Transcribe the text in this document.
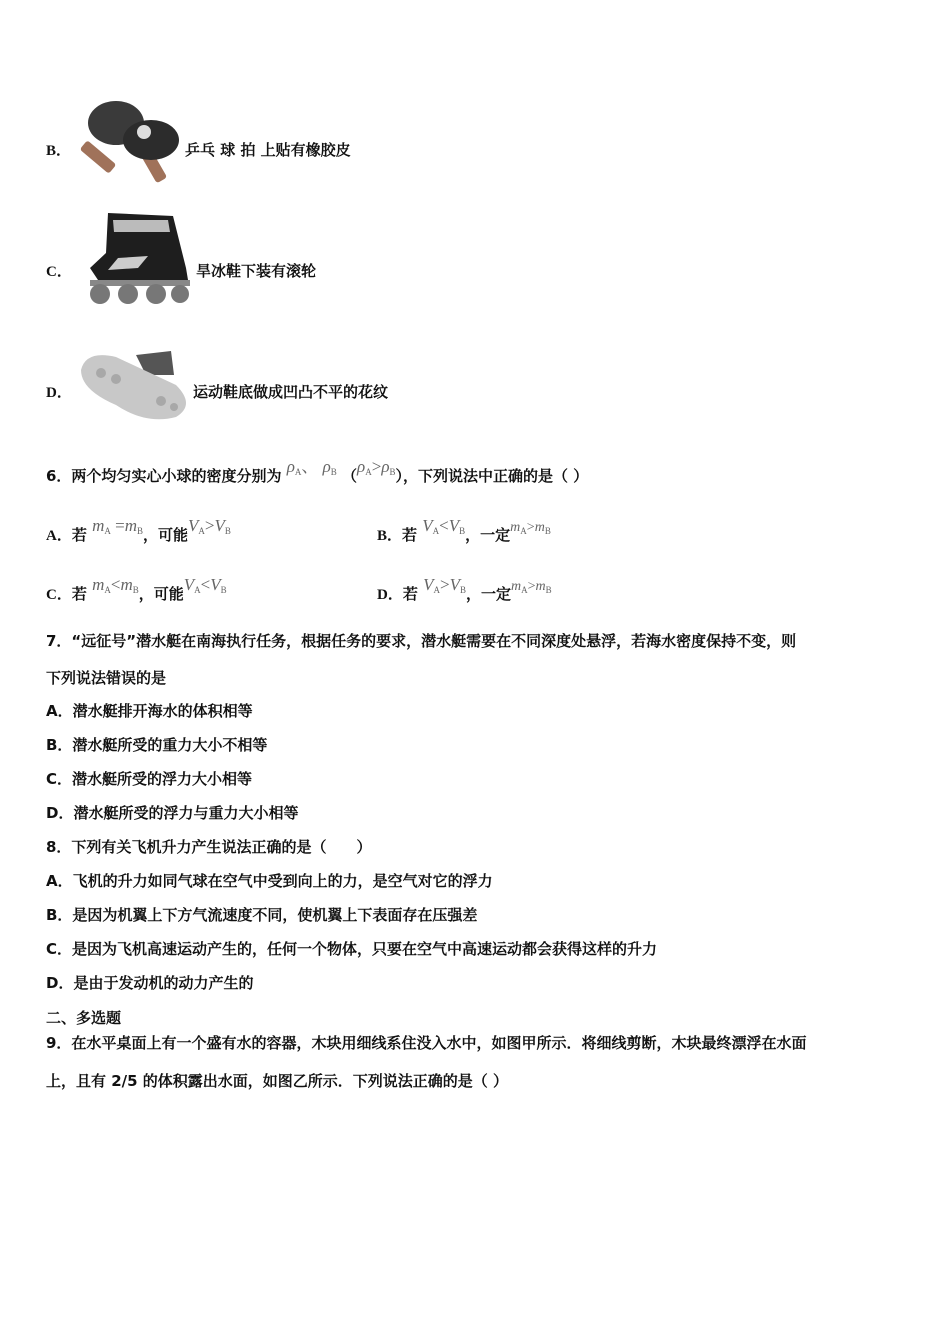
B．	乒乓 球 拍 上贴有橡胶皮
C．	旱冰鞋下装有滚轮
D．	运动鞋底做成凹凸不平的花纹
6．两个均匀实心小球的密度分别为 $\rho_A$、 $\rho_B$ $(\rho_A>\rho_B)$，下列说法中正确的是（ ）
A．若 $m_A =m_B$，可能$V_A>V_B$	B．若 $V_A<V_B$，一定$m_A>m_B$
C．若 $m_A<m_B$，可能$V_A<V_B$	D．若 $V_A>V_B$，一定$m_A>m_B$
7．“远征号”潜水艇在南海执行任务，根据任务的要求，潜水艇需要在不同深度处悬浮，若海水密度保持不变，则
下列说法错误的是
A．潜水艇排开海水的体积相等
B．潜水艇所受的重力大小不相等
C．潜水艇所受的浮力大小相等
D．潜水艇所受的浮力与重力大小相等
8．下列有关飞机升力产生说法正确的是（　　）
A．飞机的升力如同气球在空气中受到向上的力，是空气对它的浮力
B．是因为机翼上下方气流速度不同，使机翼上下表面存在压强差
C．是因为飞机高速运动产生的，任何一个物体，只要在空气中高速运动都会获得这样的升力
D．是由于发动机的动力产生的
二、多选题
9．在水平桌面上有一个盛有水的容器，木块用细线系住没入水中，如图甲所示．将细线剪断，木块最终漂浮在水面
上，且有 2/5 的体积露出水面，如图乙所示．下列说法正确的是（ ）
